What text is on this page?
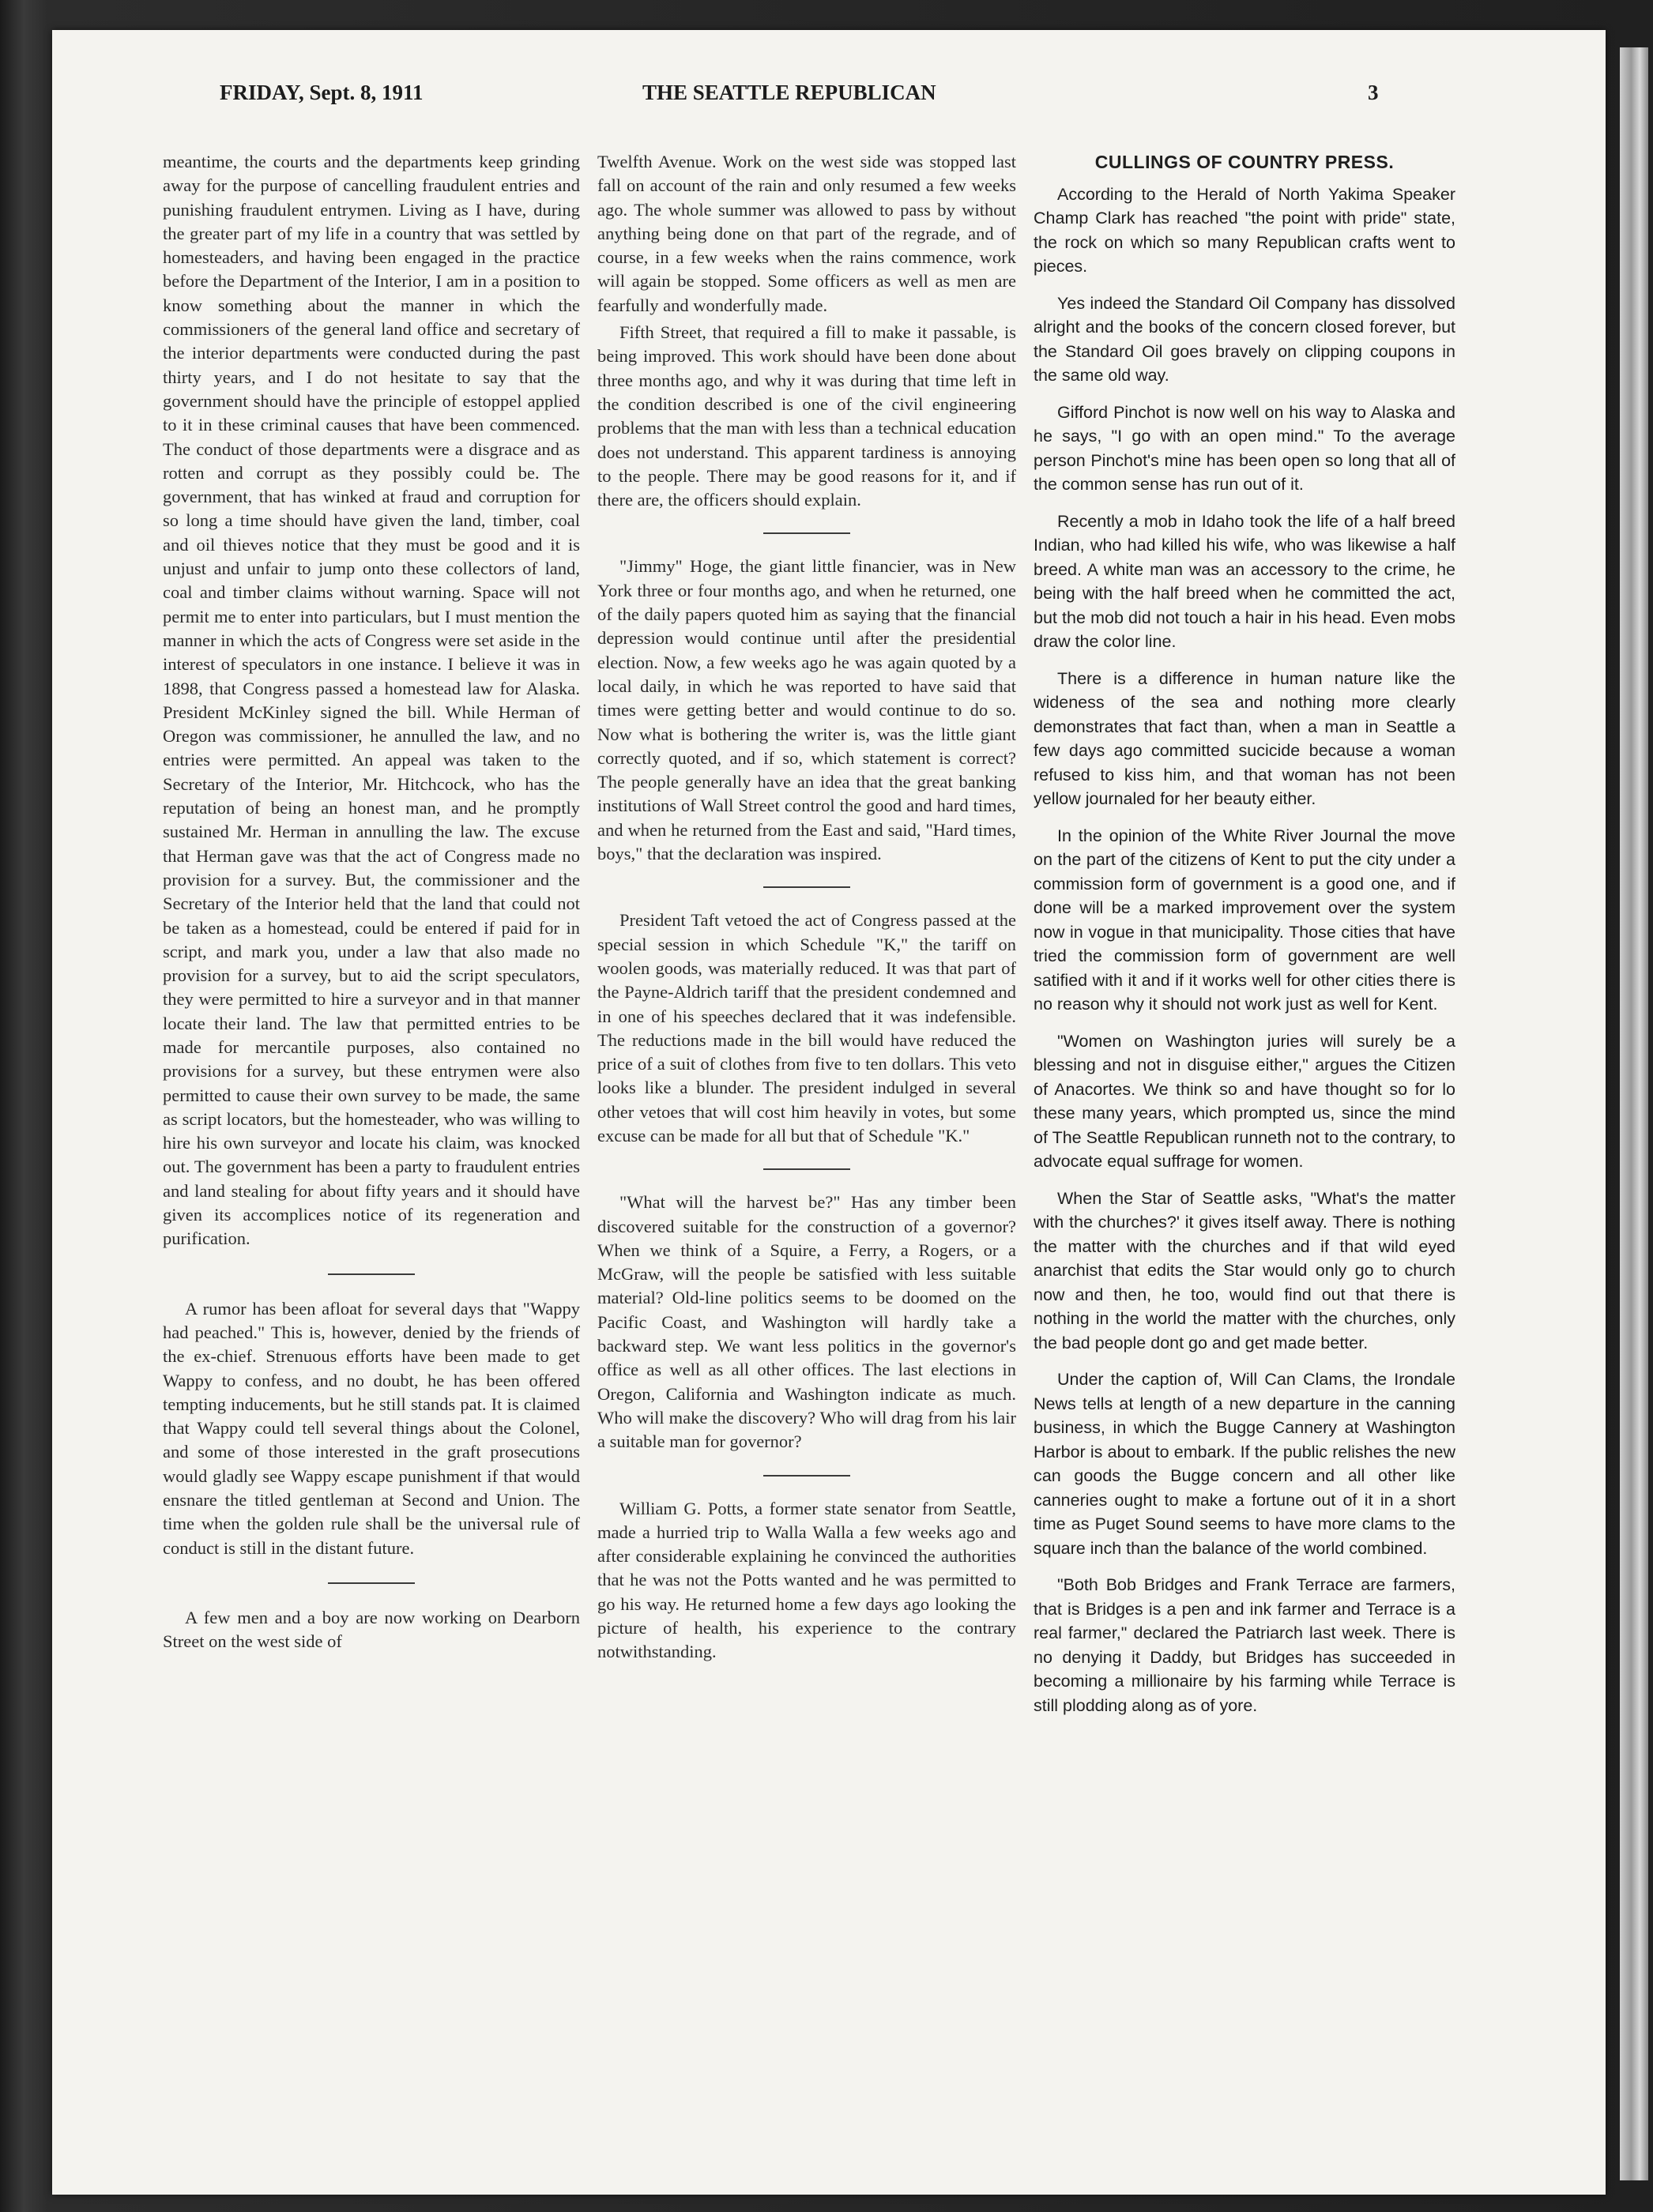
FRIDAY, Sept. 8, 1911	THE SEATTLE REPUBLICAN	3

meantime, the courts and the departments keep grinding away for the purpose of cancelling fraudulent entries and punishing fraudulent entrymen. Living as I have, during the greater part of my life in a country that was settled by homesteaders, and having been engaged in the practice before the Department of the Interior, I am in a position to know something about the manner in which the commissioners of the general land office and secretary of the interior departments were conducted during the past thirty years, and I do not hesitate to say that the government should have the principle of estoppel applied to it in these criminal causes that have been commenced. The conduct of those departments were a disgrace and as rotten and corrupt as they possibly could be. The government, that has winked at fraud and corruption for so long a time should have given the land, timber, coal and oil thieves notice that they must be good and it is unjust and unfair to jump onto these collectors of land, coal and timber claims without warning. Space will not permit me to enter into particulars, but I must mention the manner in which the acts of Congress were set aside in the interest of speculators in one instance. I believe it was in 1898, that Congress passed a homestead law for Alaska. President McKinley signed the bill. While Herman of Oregon was commissioner, he annulled the law, and no entries were permitted. An appeal was taken to the Secretary of the Interior, Mr. Hitchcock, who has the reputation of being an honest man, and he promptly sustained Mr. Herman in annulling the law. The excuse that Herman gave was that the act of Congress made no provision for a survey. But, the commissioner and the Secretary of the Interior held that the land that could not be taken as a homestead, could be entered if paid for in script, and mark you, under a law that also made no provision for a survey, but to aid the script speculators, they were permitted to hire a surveyor and in that manner locate their land. The law that permitted entries to be made for mercantile purposes, also contained no provisions for a survey, but these entrymen were also permitted to cause their own survey to be made, the same as script locators, but the homesteader, who was willing to hire his own surveyor and locate his claim, was knocked out. The government has been a party to fraudulent entries and land stealing for about fifty years and it should have given its accomplices notice of its regeneration and purification.

A rumor has been afloat for several days that "Wappy had peached." This is, however, denied by the friends of the ex-chief. Strenuous efforts have been made to get Wappy to confess, and no doubt, he has been offered tempting inducements, but he still stands pat. It is claimed that Wappy could tell several things about the Colonel, and some of those interested in the graft prosecutions would gladly see Wappy escape punishment if that would ensnare the titled gentleman at Second and Union. The time when the golden rule shall be the universal rule of conduct is still in the distant future.

A few men and a boy are now working on Dearborn Street on the west side of

Twelfth Avenue. Work on the west side was stopped last fall on account of the rain and only resumed a few weeks ago. The whole summer was allowed to pass by without anything being done on that part of the regrade, and of course, in a few weeks when the rains commence, work will again be stopped. Some officers as well as men are fearfully and wonderfully made.

Fifth Street, that required a fill to make it passable, is being improved. This work should have been done about three months ago, and why it was during that time left in the condition described is one of the civil engineering problems that the man with less than a technical education does not understand. This apparent tardiness is annoying to the people. There may be good reasons for it, and if there are, the officers should explain.

"Jimmy" Hoge, the giant little financier, was in New York three or four months ago, and when he returned, one of the daily papers quoted him as saying that the financial depression would continue until after the presidential election. Now, a few weeks ago he was again quoted by a local daily, in which he was reported to have said that times were getting better and would continue to do so. Now what is bothering the writer is, was the little giant correctly quoted, and if so, which statement is correct? The people generally have an idea that the great banking institutions of Wall Street control the good and hard times, and when he returned from the East and said, "Hard times, boys," that the declaration was inspired.

President Taft vetoed the act of Congress passed at the special session in which Schedule "K," the tariff on woolen goods, was materially reduced. It was that part of the Payne-Aldrich tariff that the president condemned and in one of his speeches declared that it was indefensible. The reductions made in the bill would have reduced the price of a suit of clothes from five to ten dollars. This veto looks like a blunder. The president indulged in several other vetoes that will cost him heavily in votes, but some excuse can be made for all but that of Schedule "K."

"What will the harvest be?" Has any timber been discovered suitable for the construction of a governor? When we think of a Squire, a Ferry, a Rogers, or a McGraw, will the people be satisfied with less suitable material? Old-line politics seems to be doomed on the Pacific Coast, and Washington will hardly take a backward step. We want less politics in the governor's office as well as all other offices. The last elections in Oregon, California and Washington indicate as much. Who will make the discovery? Who will drag from his lair a suitable man for governor?

William G. Potts, a former state senator from Seattle, made a hurried trip to Walla Walla a few weeks ago and after considerable explaining he convinced the authorities that he was not the Potts wanted and he was permitted to go his way. He returned home a few days ago looking the picture of health, his experience to the contrary notwithstanding.

CULLINGS OF COUNTRY PRESS.

According to the Herald of North Yakima Speaker Champ Clark has reached "the point with pride" state, the rock on which so many Republican crafts went to pieces.

Yes indeed the Standard Oil Company has dissolved alright and the books of the concern closed forever, but the Standard Oil goes bravely on clipping coupons in the same old way.

Gifford Pinchot is now well on his way to Alaska and he says, "I go with an open mind." To the average person Pinchot's mine has been open so long that all of the common sense has run out of it.

Recently a mob in Idaho took the life of a half breed Indian, who had killed his wife, who was likewise a half breed. A white man was an accessory to the crime, he being with the half breed when he committed the act, but the mob did not touch a hair in his head. Even mobs draw the color line.

There is a difference in human nature like the wideness of the sea and nothing more clearly demonstrates that fact than, when a man in Seattle a few days ago committed sucicide because a woman refused to kiss him, and that woman has not been yellow journaled for her beauty either.

In the opinion of the White River Journal the move on the part of the citizens of Kent to put the city under a commission form of government is a good one, and if done will be a marked improvement over the system now in vogue in that municipality. Those cities that have tried the commission form of government are well satified with it and if it works well for other cities there is no reason why it should not work just as well for Kent.

"Women on Washington juries will surely be a blessing and not in disguise either," argues the Citizen of Anacortes. We think so and have thought so for lo these many years, which prompted us, since the mind of The Seattle Republican runneth not to the contrary, to advocate equal suffrage for women.

When the Star of Seattle asks, "What's the matter with the churches?' it gives itself away. There is nothing the matter with the churches and if that wild eyed anarchist that edits the Star would only go to church now and then, he too, would find out that there is nothing in the world the matter with the churches, only the bad people dont go and get made better.

Under the caption of, Will Can Clams, the Irondale News tells at length of a new departure in the canning business, in which the Bugge Cannery at Washington Harbor is about to embark. If the public relishes the new can goods the Bugge concern and all other like canneries ought to make a fortune out of it in a short time as Puget Sound seems to have more clams to the square inch than the balance of the world combined.

"Both Bob Bridges and Frank Terrace are farmers, that is Bridges is a pen and ink farmer and Terrace is a real farmer," declared the Patriarch last week. There is no denying it Daddy, but Bridges has succeeded in becoming a millionaire by his farming while Terrace is still plodding along as of yore.
